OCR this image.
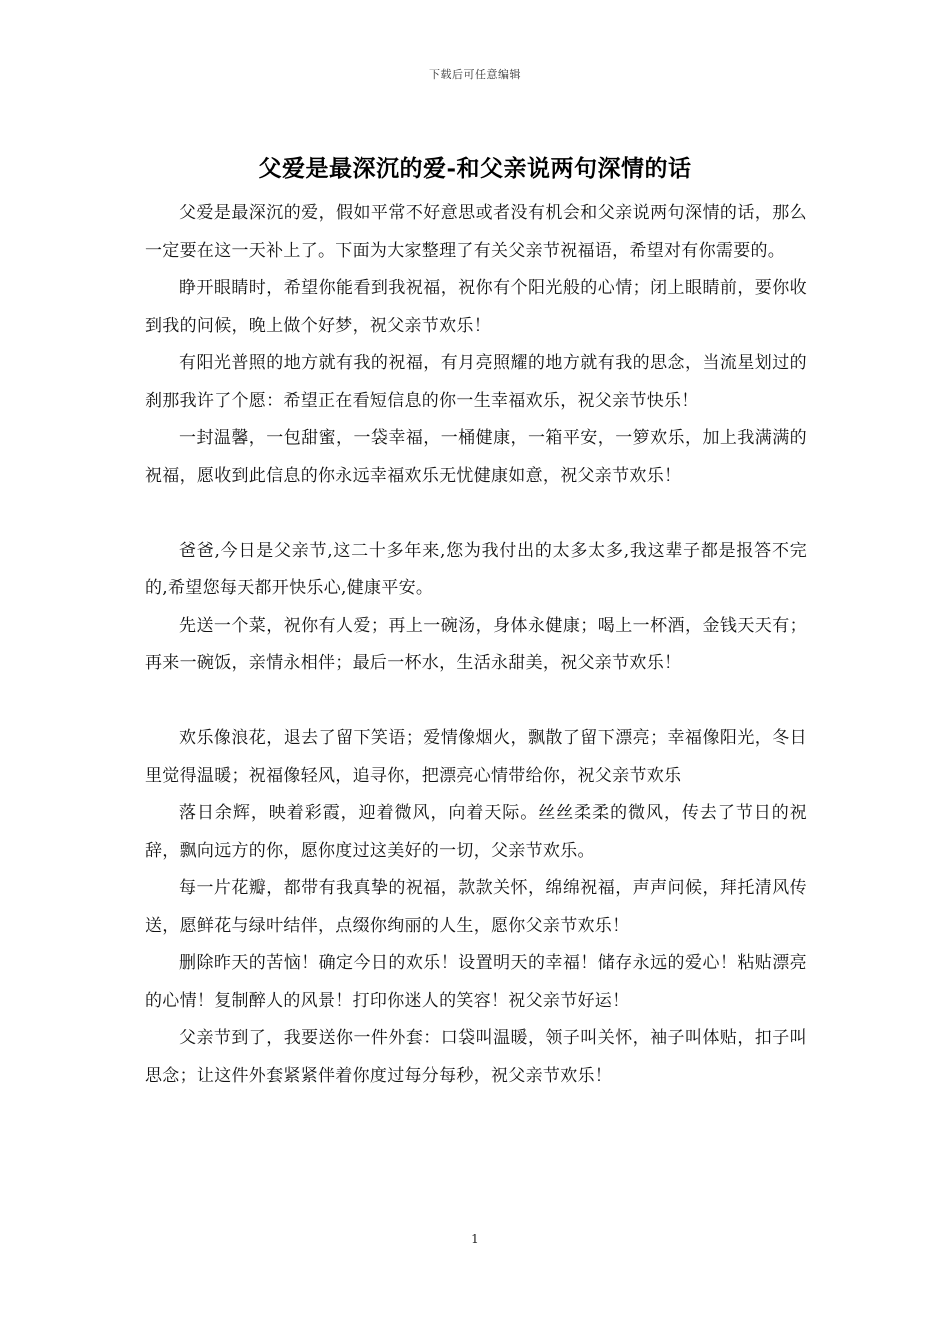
下载后可任意编辑
父爱是最深沉的爱-和父亲说两句深情的话

父爱是最深沉的爱，假如平常不好意思或者没有机会和父亲说两句深情的话，那么一定要在这一天补上了。下面为大家整理了有关父亲节祝福语，希望对有你需要的。

睁开眼睛时，希望你能看到我祝福，祝你有个阳光般的心情；闭上眼睛前，要你收到我的问候，晚上做个好梦，祝父亲节欢乐！

有阳光普照的地方就有我的祝福，有月亮照耀的地方就有我的思念，当流星划过的刹那我许了个愿：希望正在看短信息的你一生幸福欢乐，祝父亲节快乐！

一封温馨，一包甜蜜，一袋幸福，一桶健康，一箱平安，一箩欢乐，加上我满满的祝福，愿收到此信息的你永远幸福欢乐无忧健康如意，祝父亲节欢乐！

爸爸,今日是父亲节,这二十多年来,您为我付出的太多太多,我这辈子都是报答不完的,希望您每天都开快乐心,健康平安。

先送一个菜，祝你有人爱；再上一碗汤，身体永健康；喝上一杯酒，金钱天天有；再来一碗饭，亲情永相伴；最后一杯水，生活永甜美，祝父亲节欢乐！

欢乐像浪花，退去了留下笑语；爱情像烟火，飘散了留下漂亮；幸福像阳光，冬日里觉得温暖；祝福像轻风，追寻你，把漂亮心情带给你，祝父亲节欢乐

落日余辉，映着彩霞，迎着微风，向着天际。丝丝柔柔的微风，传去了节日的祝辞，飘向远方的你，愿你度过这美好的一切，父亲节欢乐。

每一片花瓣，都带有我真挚的祝福，款款关怀，绵绵祝福，声声问候，拜托清风传送，愿鲜花与绿叶结伴，点缀你绚丽的人生，愿你父亲节欢乐！

删除昨天的苦恼！确定今日的欢乐！设置明天的幸福！储存永远的爱心！粘贴漂亮的心情！复制醉人的风景！打印你迷人的笑容！祝父亲节好运！

父亲节到了，我要送你一件外套：口袋叫温暖，领子叫关怀，袖子叫体贴，扣子叫思念；让这件外套紧紧伴着你度过每分每秒，祝父亲节欢乐！

1
